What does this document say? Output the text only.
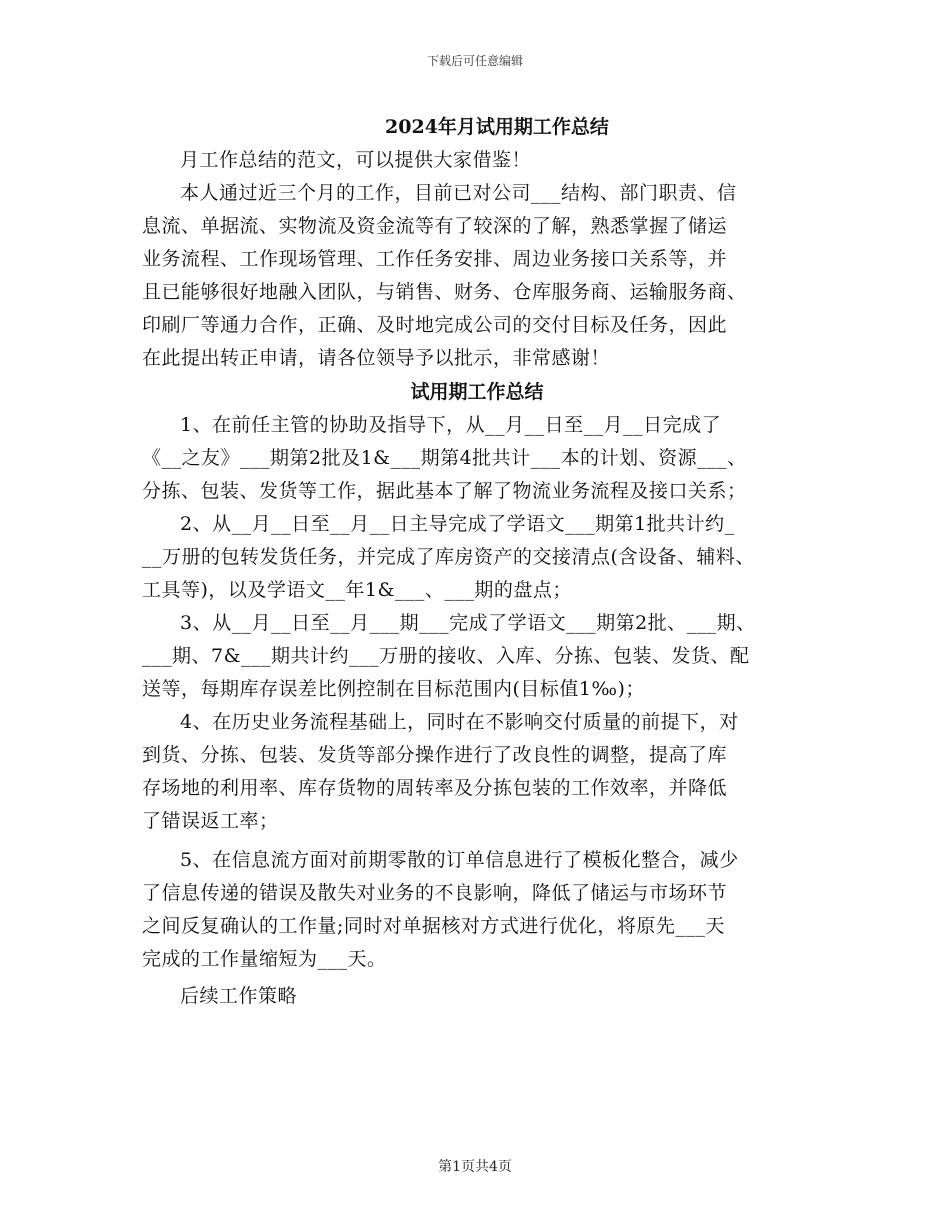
下载后可任意编辑

2024年月试用期工作总结

月工作总结的范文，可以提供大家借鉴！

本人通过近三个月的工作，目前已对公司___结构、部门职责、信
息流、单据流、实物流及资金流等有了较深的了解，熟悉掌握了储运
业务流程、工作现场管理、工作任务安排、周边业务接口关系等，并
且已能够很好地融入团队，与销售、财务、仓库服务商、运输服务商、
印刷厂等通力合作，正确、及时地完成公司的交付目标及任务，因此
在此提出转正申请，请各位领导予以批示，非常感谢！

试用期工作总结

1、在前任主管的协助及指导下，从__月__日至__月__日完成了
《__之友》___期第2批及1&___期第4批共计___本的计划、资源___、
分拣、包装、发货等工作，据此基本了解了物流业务流程及接口关系；

2、从__月__日至__月__日主导完成了学语文___期第1批共计约_
__万册的包转发货任务，并完成了库房资产的交接清点(含设备、辅料、
工具等)，以及学语文__年1&___、___期的盘点；

3、从__月__日至__月___期___完成了学语文___期第2批、___期、
___期、7&___期共计约___万册的接收、入库、分拣、包装、发货、配
送等，每期库存误差比例控制在目标范围内(目标值1‰)；

4、在历史业务流程基础上，同时在不影响交付质量的前提下，对
到货、分拣、包装、发货等部分操作进行了改良性的调整，提高了库
存场地的利用率、库存货物的周转率及分拣包装的工作效率，并降低
了错误返工率；

5、在信息流方面对前期零散的订单信息进行了模板化整合，减少
了信息传递的错误及散失对业务的不良影响，降低了储运与市场环节
之间反复确认的工作量;同时对单据核对方式进行优化，将原先___天
完成的工作量缩短为___天。

后续工作策略

第1页共4页
